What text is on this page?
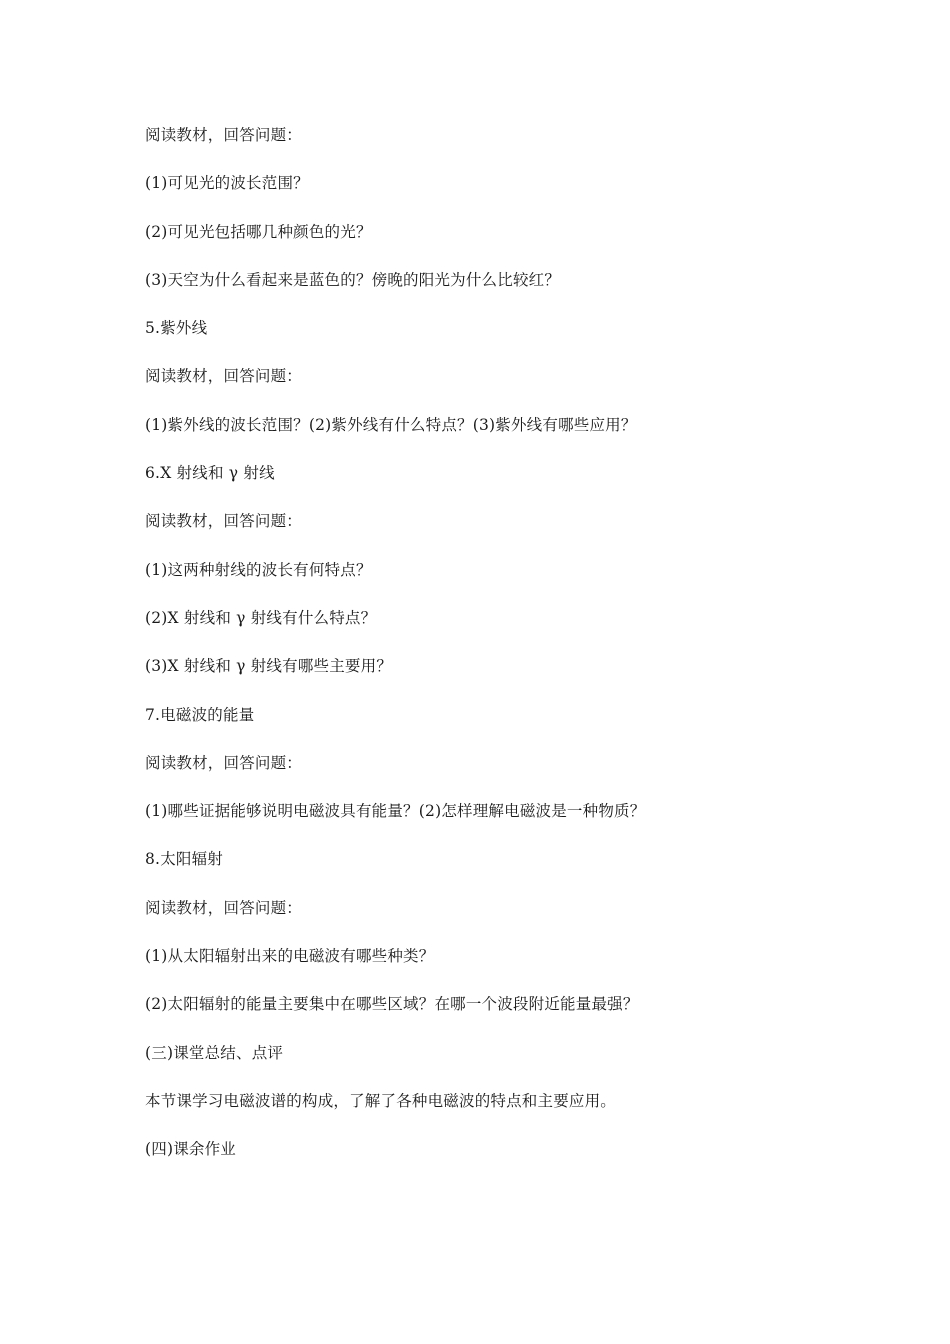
阅读教材，回答问题：

(1)可见光的波长范围？

(2)可见光包括哪几种颜色的光？

(3)天空为什么看起来是蓝色的？傍晚的阳光为什么比较红？

5.紫外线

阅读教材，回答问题：

(1)紫外线的波长范围？(2)紫外线有什么特点？(3)紫外线有哪些应用？

6.X 射线和 γ 射线

阅读教材，回答问题：

(1)这两种射线的波长有何特点？

(2)X 射线和 γ 射线有什么特点？

(3)X 射线和 γ 射线有哪些主要用？

7.电磁波的能量

阅读教材，回答问题：

(1)哪些证据能够说明电磁波具有能量？(2)怎样理解电磁波是一种物质？

8.太阳辐射

阅读教材，回答问题：

(1)从太阳辐射出来的电磁波有哪些种类？

(2)太阳辐射的能量主要集中在哪些区域？在哪一个波段附近能量最强？

(三)课堂总结、点评

本节课学习电磁波谱的构成，了解了各种电磁波的特点和主要应用。

(四)课余作业
